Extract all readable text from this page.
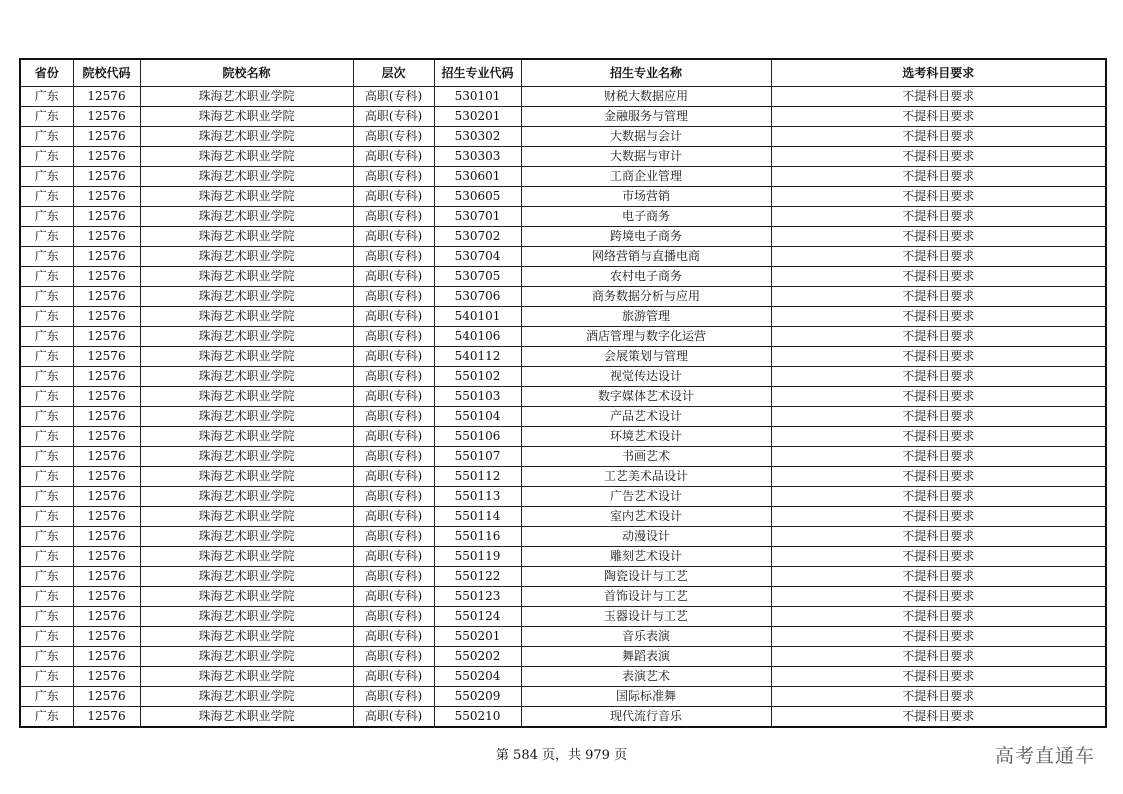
省份	院校代码	院校名称	层次	招生专业代码	招生专业名称	选考科目要求
广东	12576	珠海艺术职业学院	高职(专科)	530101	财税大数据应用	不提科目要求
广东	12576	珠海艺术职业学院	高职(专科)	530201	金融服务与管理	不提科目要求
广东	12576	珠海艺术职业学院	高职(专科)	530302	大数据与会计	不提科目要求
广东	12576	珠海艺术职业学院	高职(专科)	530303	大数据与审计	不提科目要求
广东	12576	珠海艺术职业学院	高职(专科)	530601	工商企业管理	不提科目要求
广东	12576	珠海艺术职业学院	高职(专科)	530605	市场营销	不提科目要求
广东	12576	珠海艺术职业学院	高职(专科)	530701	电子商务	不提科目要求
广东	12576	珠海艺术职业学院	高职(专科)	530702	跨境电子商务	不提科目要求
广东	12576	珠海艺术职业学院	高职(专科)	530704	网络营销与直播电商	不提科目要求
广东	12576	珠海艺术职业学院	高职(专科)	530705	农村电子商务	不提科目要求
广东	12576	珠海艺术职业学院	高职(专科)	530706	商务数据分析与应用	不提科目要求
广东	12576	珠海艺术职业学院	高职(专科)	540101	旅游管理	不提科目要求
广东	12576	珠海艺术职业学院	高职(专科)	540106	酒店管理与数字化运营	不提科目要求
广东	12576	珠海艺术职业学院	高职(专科)	540112	会展策划与管理	不提科目要求
广东	12576	珠海艺术职业学院	高职(专科)	550102	视觉传达设计	不提科目要求
广东	12576	珠海艺术职业学院	高职(专科)	550103	数字媒体艺术设计	不提科目要求
广东	12576	珠海艺术职业学院	高职(专科)	550104	产品艺术设计	不提科目要求
广东	12576	珠海艺术职业学院	高职(专科)	550106	环境艺术设计	不提科目要求
广东	12576	珠海艺术职业学院	高职(专科)	550107	书画艺术	不提科目要求
广东	12576	珠海艺术职业学院	高职(专科)	550112	工艺美术品设计	不提科目要求
广东	12576	珠海艺术职业学院	高职(专科)	550113	广告艺术设计	不提科目要求
广东	12576	珠海艺术职业学院	高职(专科)	550114	室内艺术设计	不提科目要求
广东	12576	珠海艺术职业学院	高职(专科)	550116	动漫设计	不提科目要求
广东	12576	珠海艺术职业学院	高职(专科)	550119	雕刻艺术设计	不提科目要求
广东	12576	珠海艺术职业学院	高职(专科)	550122	陶瓷设计与工艺	不提科目要求
广东	12576	珠海艺术职业学院	高职(专科)	550123	首饰设计与工艺	不提科目要求
广东	12576	珠海艺术职业学院	高职(专科)	550124	玉器设计与工艺	不提科目要求
广东	12576	珠海艺术职业学院	高职(专科)	550201	音乐表演	不提科目要求
广东	12576	珠海艺术职业学院	高职(专科)	550202	舞蹈表演	不提科目要求
广东	12576	珠海艺术职业学院	高职(专科)	550204	表演艺术	不提科目要求
广东	12576	珠海艺术职业学院	高职(专科)	550209	国际标准舞	不提科目要求
广东	12576	珠海艺术职业学院	高职(专科)	550210	现代流行音乐	不提科目要求
第 584 页，共 979 页	高考直通车
